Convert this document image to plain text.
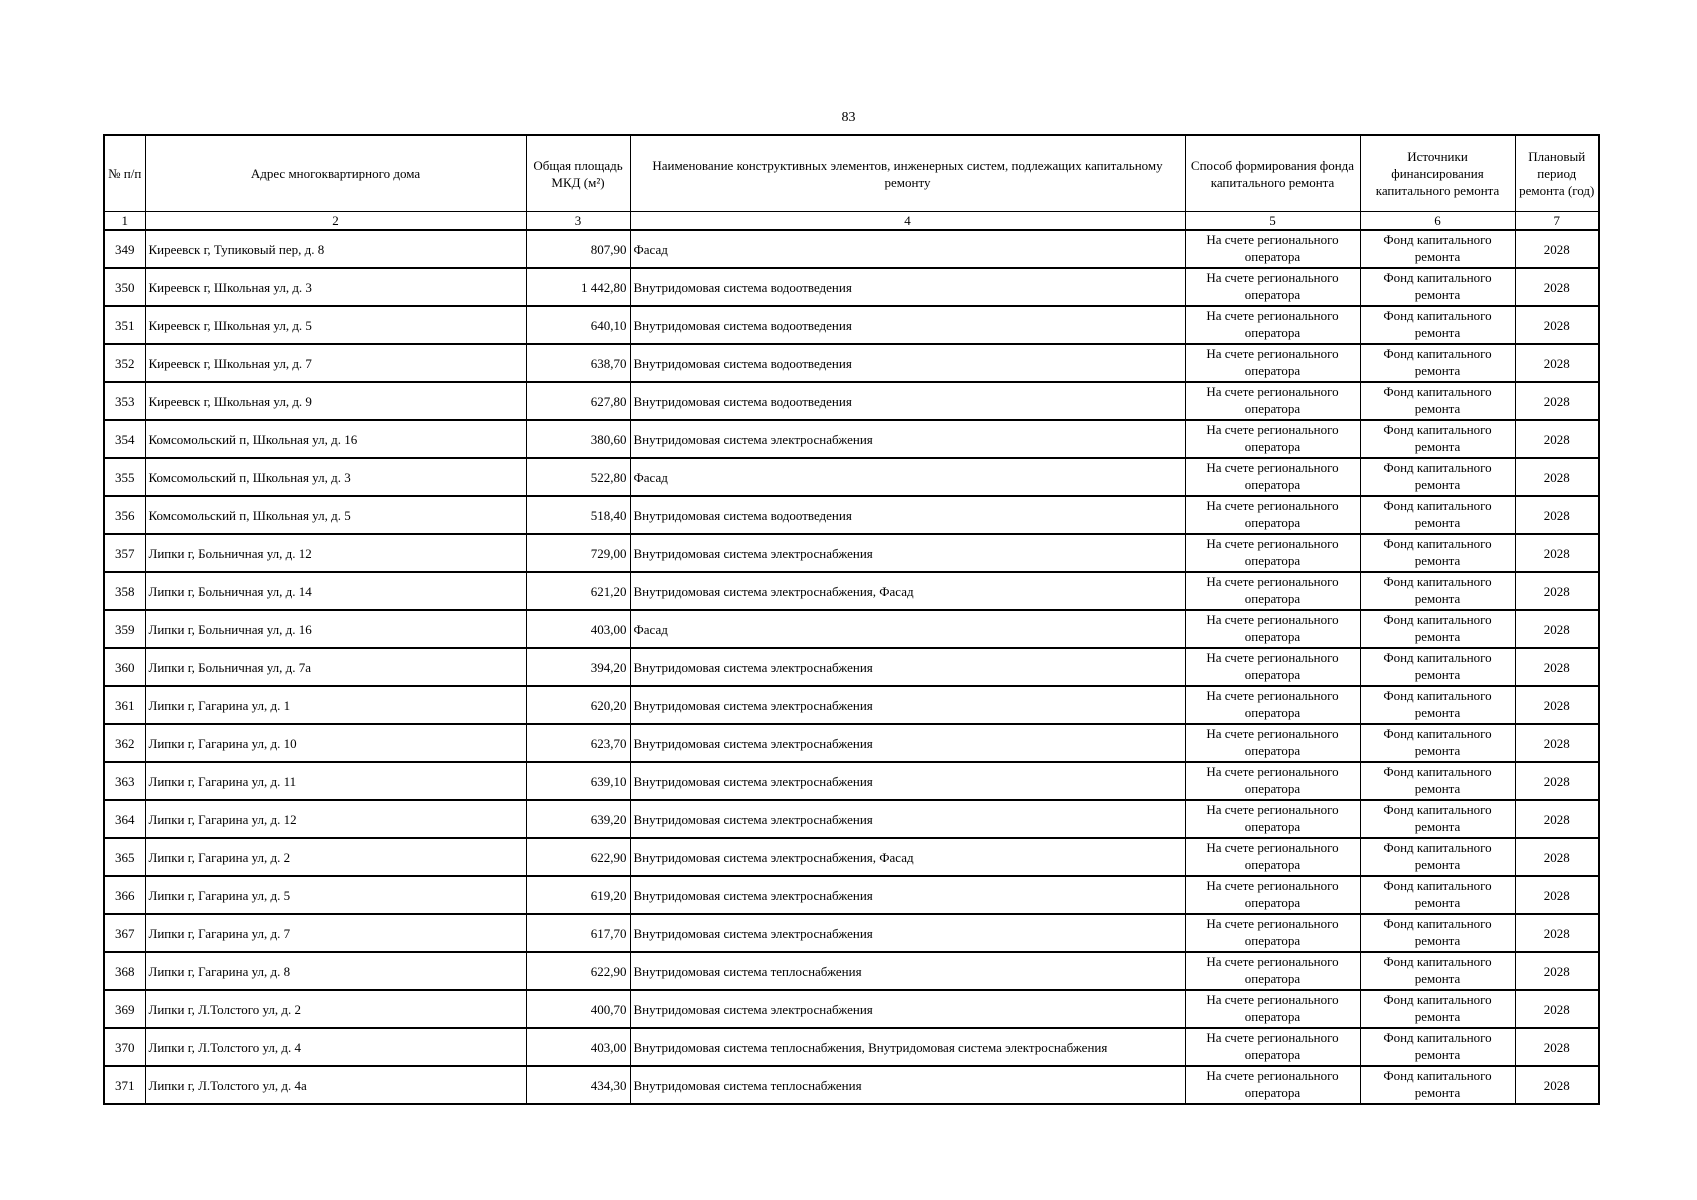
83
№ п/п	Адрес многоквартирного дома	Общая площадь МКД (м²)	Наименование конструктивных элементов, инженерных систем, подлежащих капитальному ремонту	Способ формирования фонда капитального ремонта	Источники финансирования капитального ремонта	Плановый период ремонта (год)
1	2	3	4	5	6	7
349	Киреевск г, Тупиковый пер, д. 8	807,90	Фасад	На счете регионального оператора	Фонд капитального ремонта	2028
350	Киреевск г, Школьная ул, д. 3	1 442,80	Внутридомовая система водоотведения	На счете регионального оператора	Фонд капитального ремонта	2028
351	Киреевск г, Школьная ул, д. 5	640,10	Внутридомовая система водоотведения	На счете регионального оператора	Фонд капитального ремонта	2028
352	Киреевск г, Школьная ул, д. 7	638,70	Внутридомовая система водоотведения	На счете регионального оператора	Фонд капитального ремонта	2028
353	Киреевск г, Школьная ул, д. 9	627,80	Внутридомовая система водоотведения	На счете регионального оператора	Фонд капитального ремонта	2028
354	Комсомольский п, Школьная ул, д. 16	380,60	Внутридомовая система электроснабжения	На счете регионального оператора	Фонд капитального ремонта	2028
355	Комсомольский п, Школьная ул, д. 3	522,80	Фасад	На счете регионального оператора	Фонд капитального ремонта	2028
356	Комсомольский п, Школьная ул, д. 5	518,40	Внутридомовая система водоотведения	На счете регионального оператора	Фонд капитального ремонта	2028
357	Липки г, Больничная ул, д. 12	729,00	Внутридомовая система электроснабжения	На счете регионального оператора	Фонд капитального ремонта	2028
358	Липки г, Больничная ул, д. 14	621,20	Внутридомовая система электроснабжения, Фасад	На счете регионального оператора	Фонд капитального ремонта	2028
359	Липки г, Больничная ул, д. 16	403,00	Фасад	На счете регионального оператора	Фонд капитального ремонта	2028
360	Липки г, Больничная ул, д. 7а	394,20	Внутридомовая система электроснабжения	На счете регионального оператора	Фонд капитального ремонта	2028
361	Липки г, Гагарина ул, д. 1	620,20	Внутридомовая система электроснабжения	На счете регионального оператора	Фонд капитального ремонта	2028
362	Липки г, Гагарина ул, д. 10	623,70	Внутридомовая система электроснабжения	На счете регионального оператора	Фонд капитального ремонта	2028
363	Липки г, Гагарина ул, д. 11	639,10	Внутридомовая система электроснабжения	На счете регионального оператора	Фонд капитального ремонта	2028
364	Липки г, Гагарина ул, д. 12	639,20	Внутридомовая система электроснабжения	На счете регионального оператора	Фонд капитального ремонта	2028
365	Липки г, Гагарина ул, д. 2	622,90	Внутридомовая система электроснабжения, Фасад	На счете регионального оператора	Фонд капитального ремонта	2028
366	Липки г, Гагарина ул, д. 5	619,20	Внутридомовая система электроснабжения	На счете регионального оператора	Фонд капитального ремонта	2028
367	Липки г, Гагарина ул, д. 7	617,70	Внутридомовая система электроснабжения	На счете регионального оператора	Фонд капитального ремонта	2028
368	Липки г, Гагарина ул, д. 8	622,90	Внутридомовая система теплоснабжения	На счете регионального оператора	Фонд капитального ремонта	2028
369	Липки г, Л.Толстого ул, д. 2	400,70	Внутридомовая система электроснабжения	На счете регионального оператора	Фонд капитального ремонта	2028
370	Липки г, Л.Толстого ул, д. 4	403,00	Внутридомовая система теплоснабжения, Внутридомовая система электроснабжения	На счете регионального оператора	Фонд капитального ремонта	2028
371	Липки г, Л.Толстого ул, д. 4а	434,30	Внутридомовая система теплоснабжения	На счете регионального оператора	Фонд капитального ремонта	2028
